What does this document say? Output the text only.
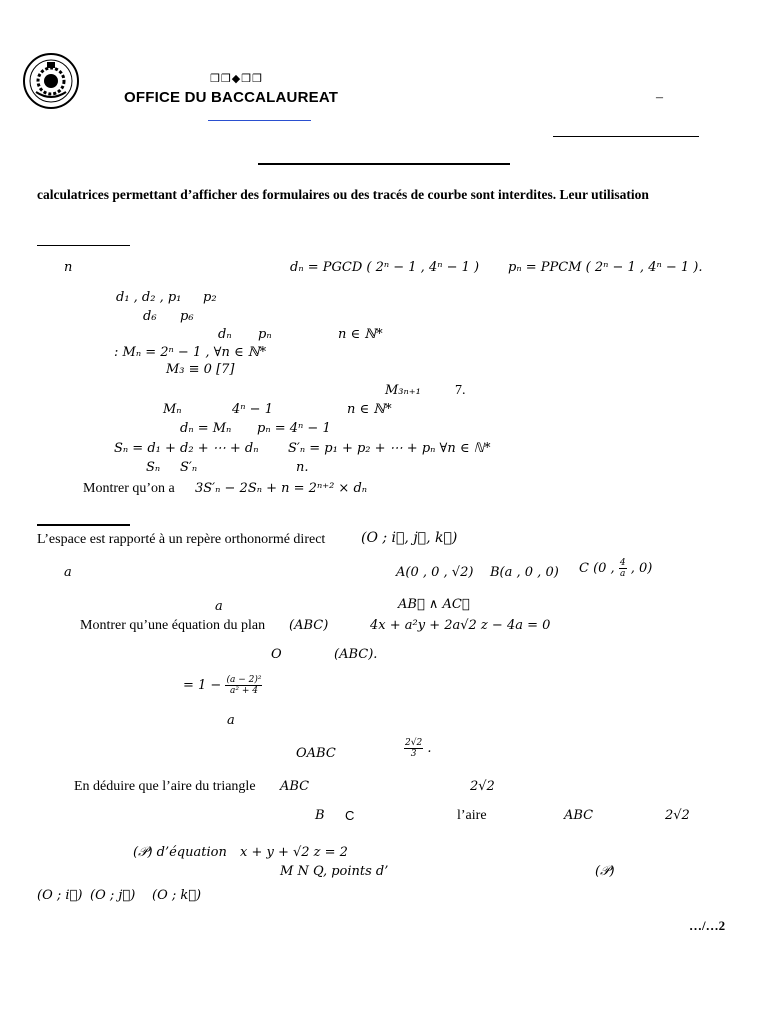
❒❒◆❒❒
OFFICE DU BACCALAUREAT	–
calculatrices permettant d’afficher des formulaires ou des tracés de courbe sont interdites. Leur utilisation
n	dₙ = PGCD ( 2ⁿ − 1 , 4ⁿ − 1 ) pₙ = PPCM ( 2ⁿ − 1 , 4ⁿ − 1 ).
d₁ , d₂ , p₁ p₂
d₆ p₆
dₙ pₙ	n ∈ ℕ*
: Mₙ = 2ⁿ − 1 , ∀n ∈ ℕ*
M₃ ≡ 0 [7]
M₃ₙ₊₁ 7.
Mₙ	4ⁿ − 1	n ∈ ℕ*
dₙ = Mₙ pₙ = 4ⁿ − 1
Sₙ = d₁ + d₂ + ⋯ + dₙ S′ₙ = p₁ + p₂ + ⋯ + pₙ ∀n ∈ ℕ*
Sₙ S′ₙ	n.
Montrer qu’on a 3S′ₙ − 2Sₙ + n = 2ⁿ⁺² × dₙ
L’espace est rapporté à un repère orthonormé direct	(O ; i⃗, j⃗, k⃗)
a	A(0 , 0 , √2) B(a , 0 , 0) C (0 , $\frac{4}{a}$ , 0)
a	AB⃗ ∧ AC⃗
Montrer qu’une équation du plan (ABC)	4x + a²y + 2a√2 z − 4a = 0
O	(ABC).
= $1 - \frac{\text{(a − 2)²}}{\text{a² + 4}}$
a
OABC	$\frac{2√2}{3}$ .
En déduire que l’aire du triangle ABC	2√2
B C	l’aire	ABC	2√2
(𝒫) d’équation x + y + √2 z = 2
M N Q, points d’	(𝒫)
(O ; i⃗) (O ; j⃗) (O ; k⃗)
…/…2
